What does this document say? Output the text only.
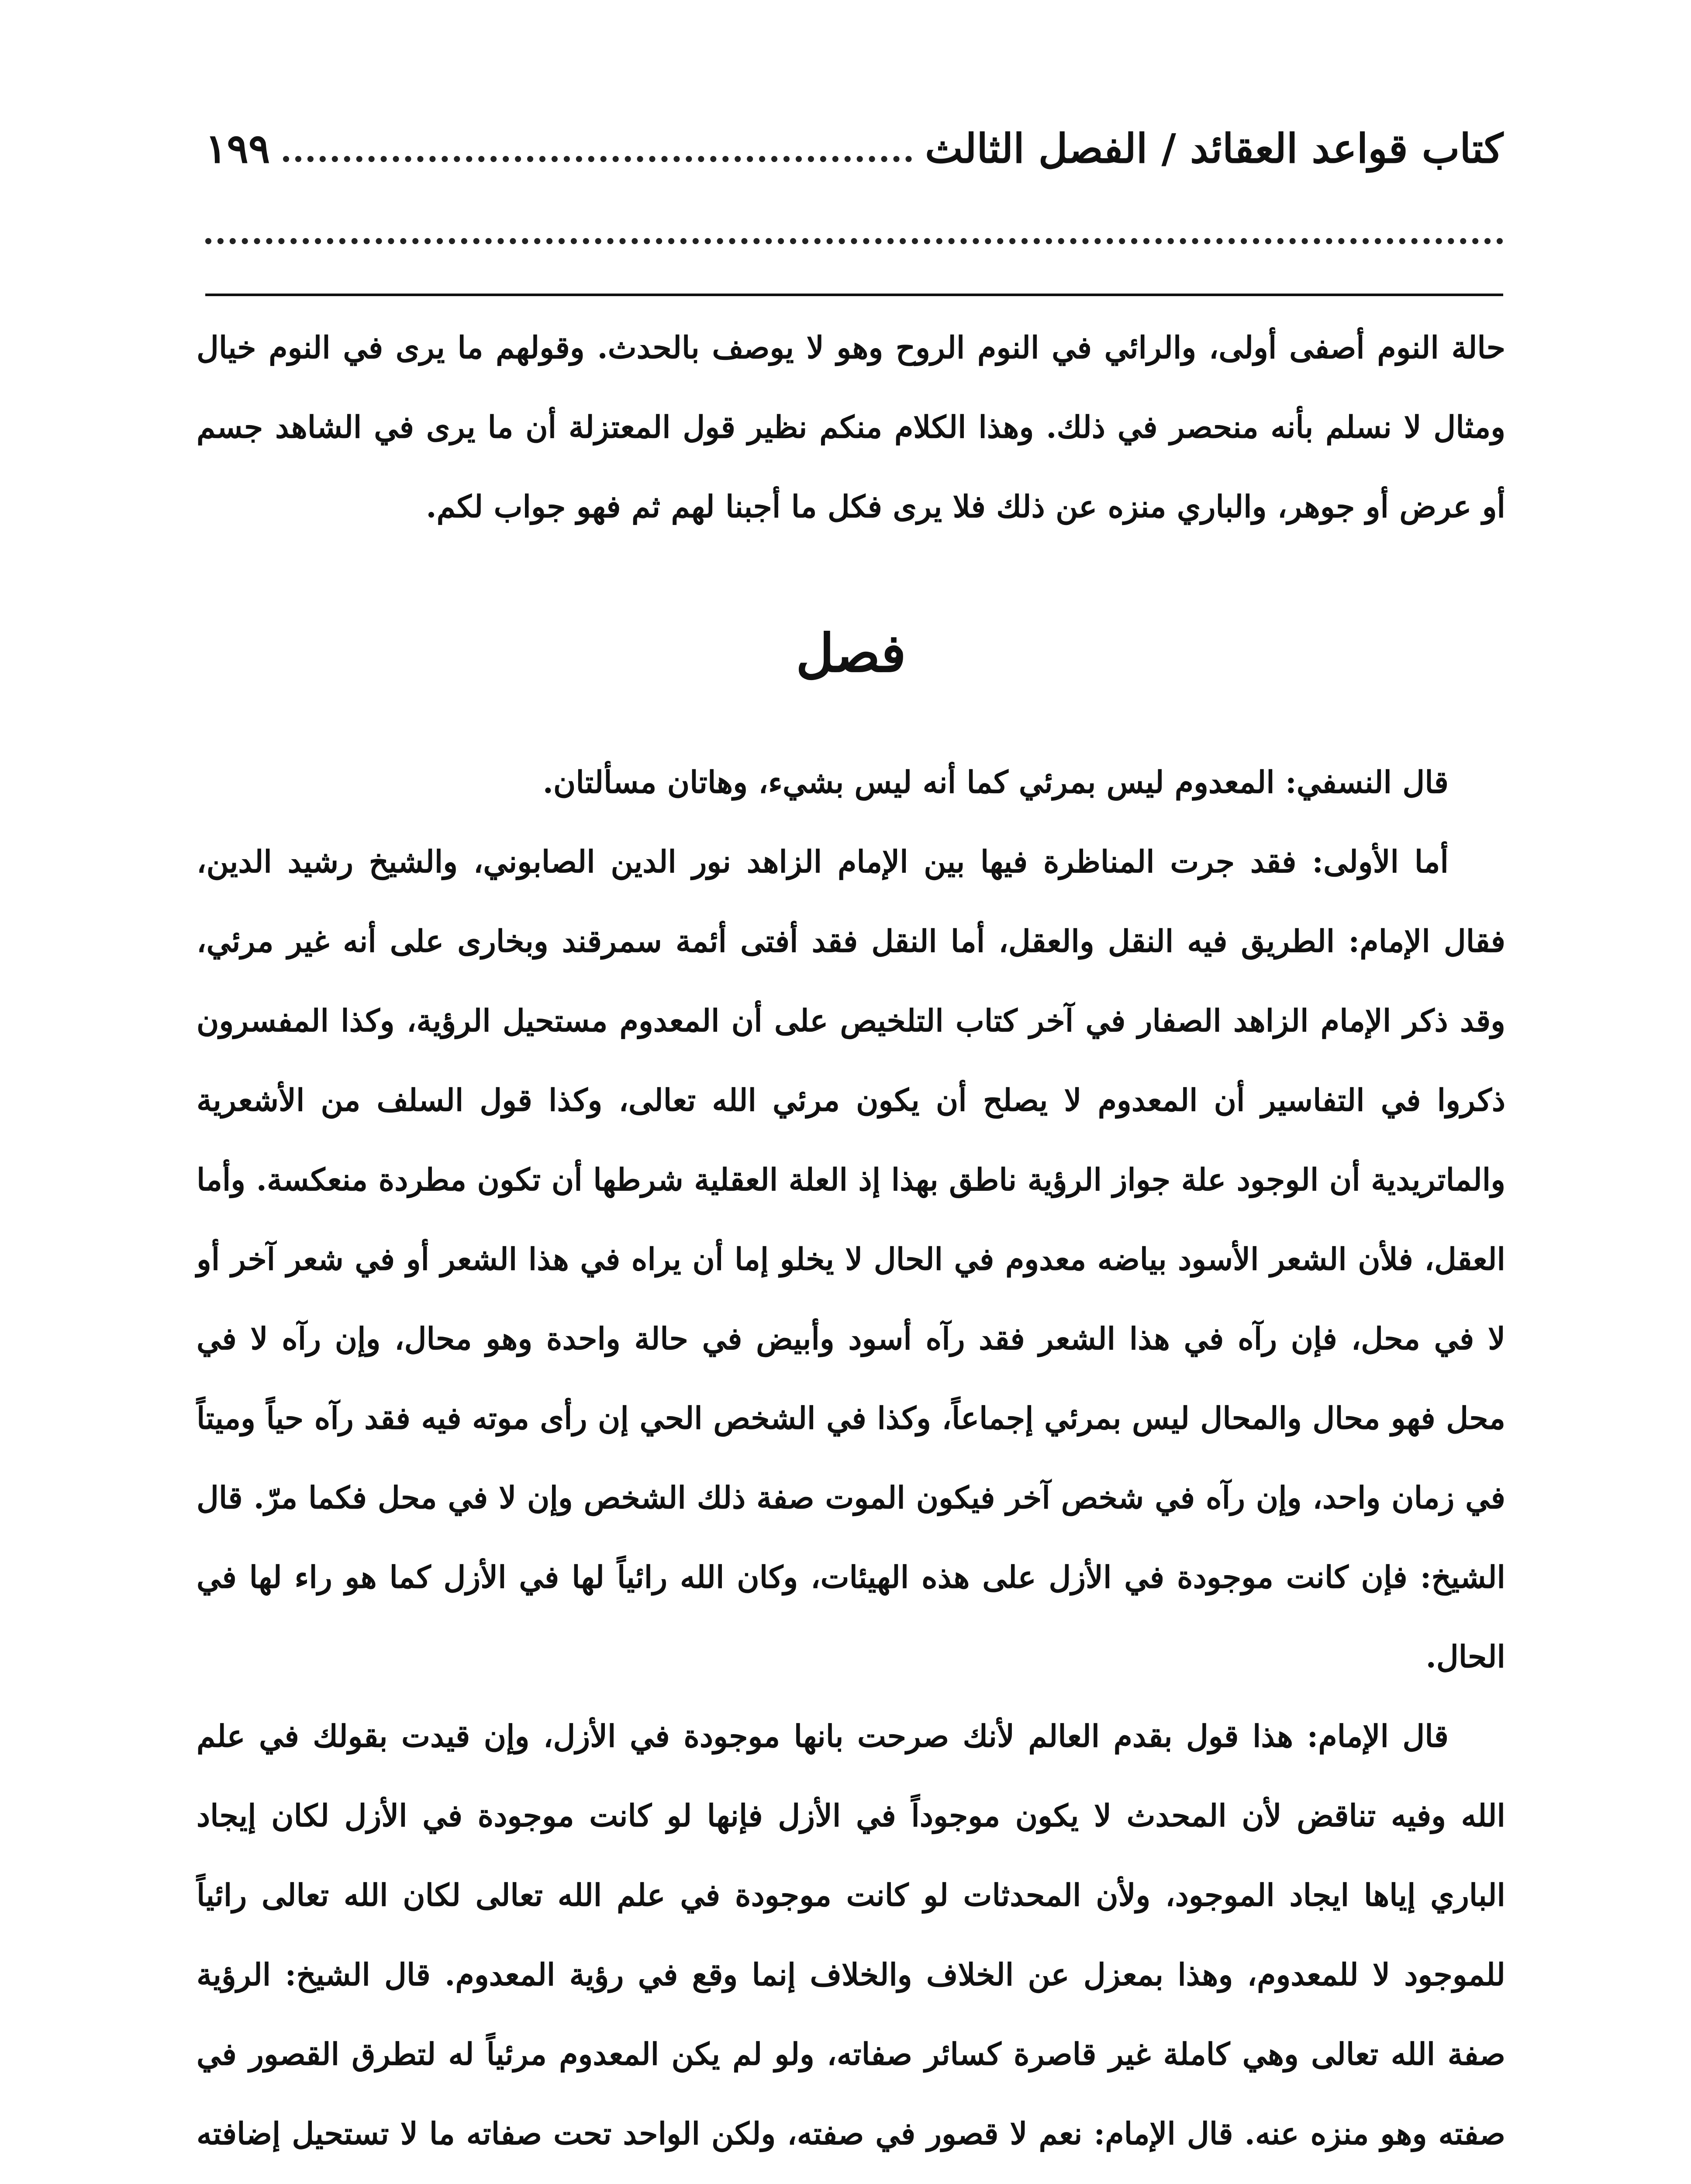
كتاب قواعد العقائد / الفصل الثالث
١٩٩
حالة النوم أصفى أولى، والرائي في النوم الروح وهو لا يوصف بالحدث. وقولهم ما يرى في النوم خيال ومثال لا نسلم بأنه منحصر في ذلك. وهذا الكلام منكم نظير قول المعتزلة أن ما يرى في الشاهد جسم أو عرض أو جوهر، والباري منزه عن ذلك فلا يرى فكل ما أجبنا لهم ثم فهو جواب لكم.
فصل

قال النسفي: المعدوم ليس بمرئي كما أنه ليس بشيء، وهاتان مسألتان.

أما الأولى: فقد جرت المناظرة فيها بين الإمام الزاهد نور الدين الصابوني، والشيخ رشيد الدين، فقال الإمام: الطريق فيه النقل والعقل، أما النقل فقد أفتى أئمة سمرقند وبخارى على أنه غير مرئي، وقد ذكر الإمام الزاهد الصفار في آخر كتاب التلخيص على أن المعدوم مستحيل الرؤية، وكذا المفسرون ذكروا في التفاسير أن المعدوم لا يصلح أن يكون مرئي الله تعالى، وكذا قول السلف من الأشعرية والماتريدية أن الوجود علة جواز الرؤية ناطق بهذا إذ العلة العقلية شرطها أن تكون مطردة منعكسة. وأما العقل، فلأن الشعر الأسود بياضه معدوم في الحال لا يخلو إما أن يراه في هذا الشعر أو في شعر آخر أو لا في محل، فإن رآه في هذا الشعر فقد رآه أسود وأبيض في حالة واحدة وهو محال، وإن رآه لا في محل فهو محال والمحال ليس بمرئي إجماعاً، وكذا في الشخص الحي إن رأى موته فيه فقد رآه حياً وميتاً في زمان واحد، وإن رآه في شخص آخر فيكون الموت صفة ذلك الشخص وإن لا في محل فكما مرّ. قال الشيخ: فإن كانت موجودة في الأزل على هذه الهيئات، وكان الله رائياً لها في الأزل كما هو راء لها في الحال.

قال الإمام: هذا قول بقدم العالم لأنك صرحت بانها موجودة في الأزل، وإن قيدت بقولك في علم الله وفيه تناقض لأن المحدث لا يكون موجوداً في الأزل فإنها لو كانت موجودة في الأزل لكان إيجاد الباري إياها ايجاد الموجود، ولأن المحدثات لو كانت موجودة في علم الله تعالى لكان الله تعالى رائياً للموجود لا للمعدوم، وهذا بمعزل عن الخلاف والخلاف إنما وقع في رؤية المعدوم. قال الشيخ: الرؤية صفة الله تعالى وهي كاملة غير قاصرة كسائر صفاته، ولو لم يكن المعدوم مرئياً له لتطرق القصور في صفته وهو منزه عنه. قال الإمام: نعم لا قصور في صفته، ولكن الواحد تحت صفاته ما لا تستحيل إضافته
